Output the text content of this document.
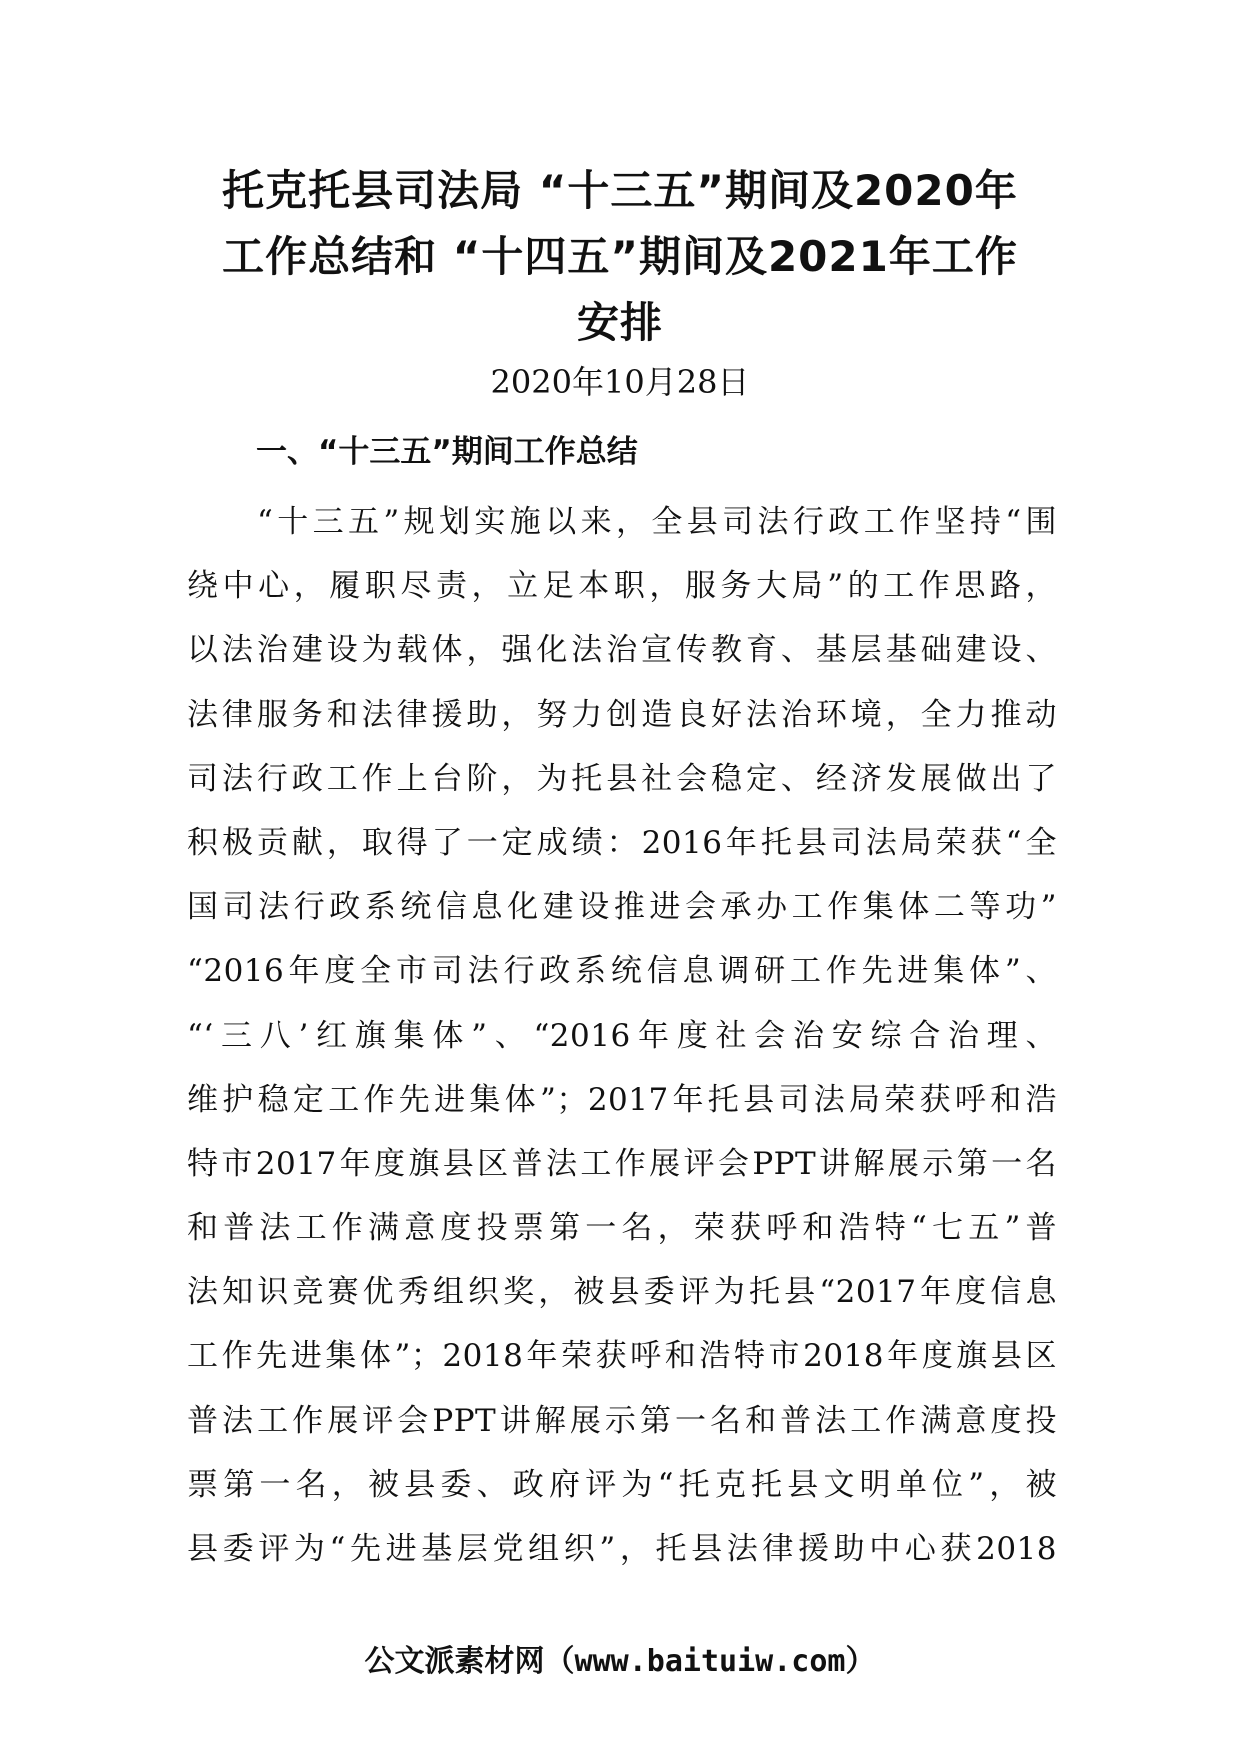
托克托县司法局 “十三五”期间及2020年
工作总结和 “十四五”期间及2021年工作
安排
2020年10月28日
一、“十三五”期间工作总结
“十三五”规划实施以来，全县司法行政工作坚持“围
绕中心，履职尽责，立足本职，服务大局”的工作思路，
以法治建设为载体，强化法治宣传教育、基层基础建设、
法律服务和法律援助，努力创造良好法治环境，全力推动
司法行政工作上台阶，为托县社会稳定、经济发展做出了
积极贡献，取得了一定成绩：2016年托县司法局荣获“全
国司法行政系统信息化建设推进会承办工作集体二等功”
“2016年度全市司法行政系统信息调研工作先进集体”、
“‘三八’红旗集体”、“2016年度社会治安综合治理、
维护稳定工作先进集体”；2017年托县司法局荣获呼和浩
特市2017年度旗县区普法工作展评会PPT讲解展示第一名
和普法工作满意度投票第一名，荣获呼和浩特“七五”普
法知识竞赛优秀组织奖，被县委评为托县“2017年度信息
工作先进集体”；2018年荣获呼和浩特市2018年度旗县区
普法工作展评会PPT讲解展示第一名和普法工作满意度投
票第一名，被县委、政府评为“托克托县文明单位”，被
县委评为“先进基层党组织”，托县法律援助中心获2018
公文派素材网（www.baituiw.com）
